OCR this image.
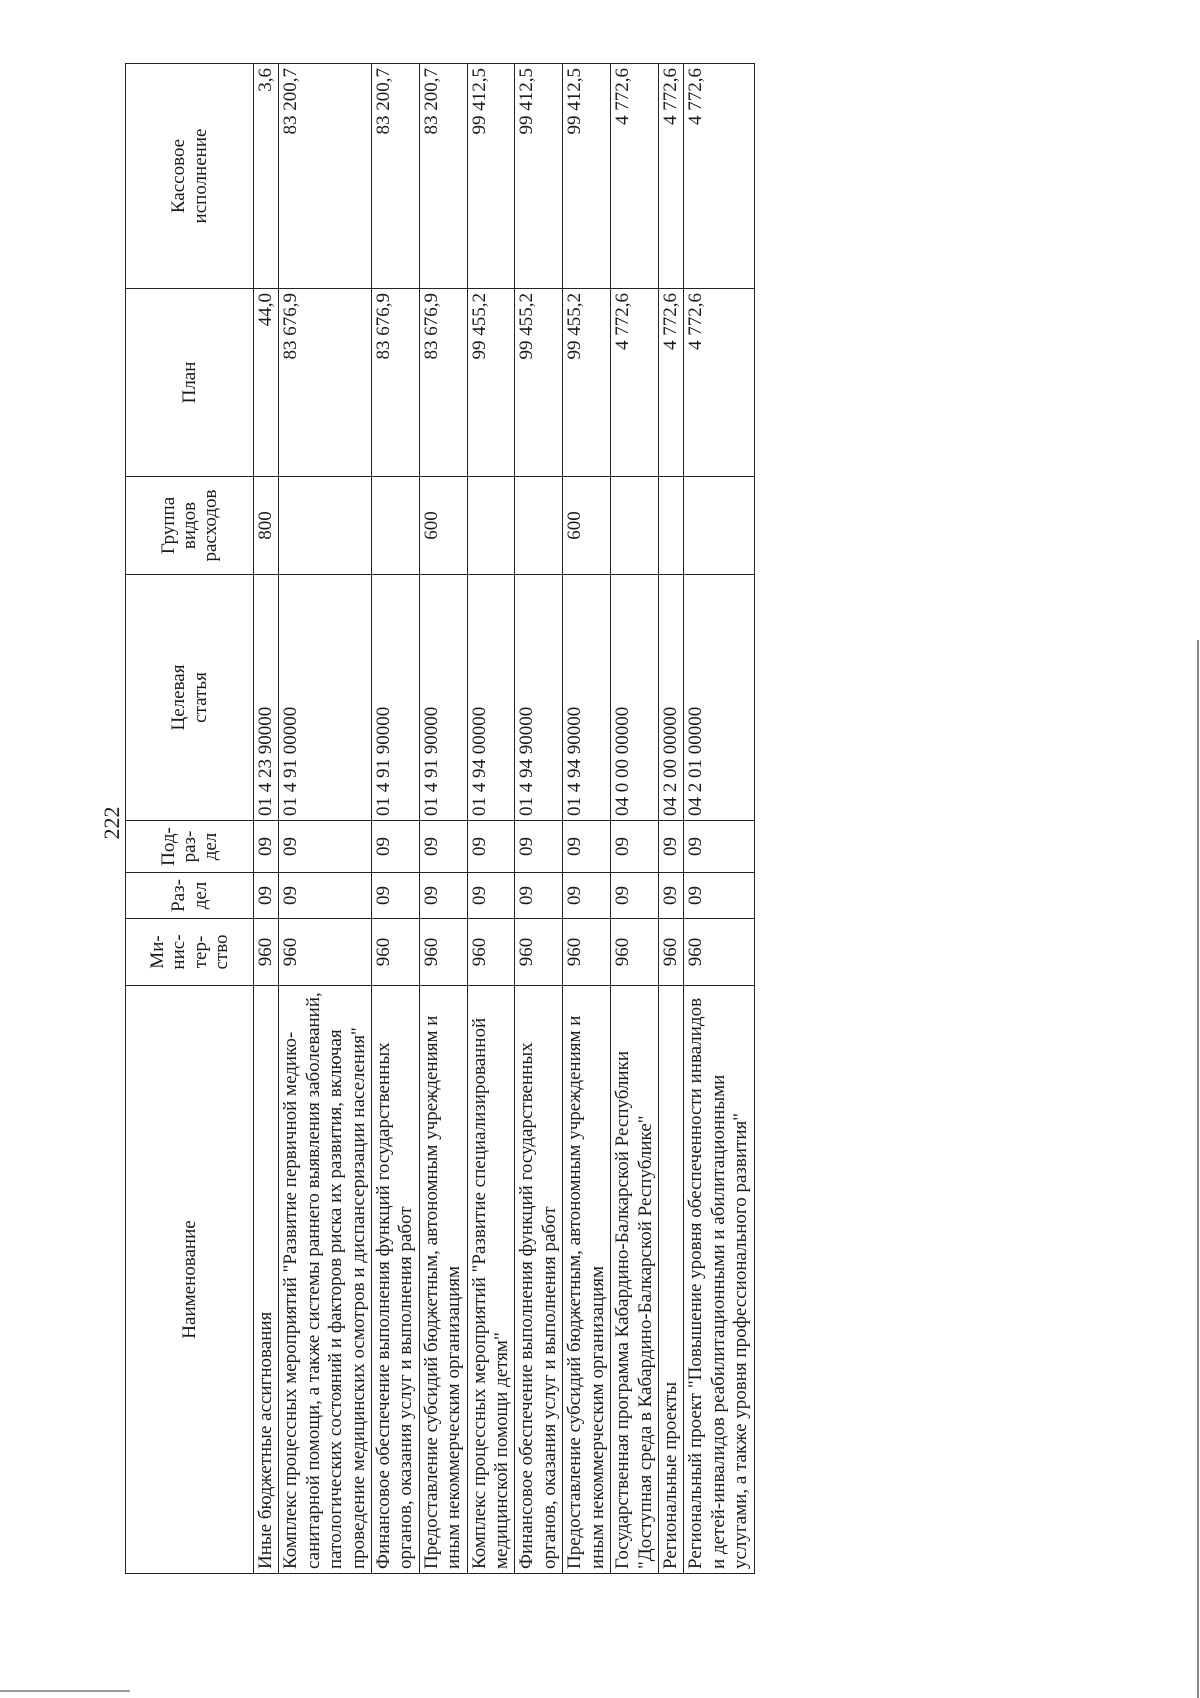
222
Наименование	Ми-
нис-
тер-
ство	Раз-
дел	Под-
раз-
дел	Целевая
статья	Группа
видов
расходов	План	Кассовое
исполнение
Иные бюджетные ассигнования	960	09	09	01 4 23 90000	800	44,0	3,6
Комплекс процессных мероприятий "Развитие первичной медико-санитарной помощи, а также системы раннего выявления заболеваний, патологических состояний и факторов риска их развития, включая проведение медицинских осмотров и диспансеризации населения"	960	09	09	01 4 91 00000		83 676,9	83 200,7
Финансовое обеспечение выполнения функций государственных органов, оказания услуг и выполнения работ	960	09	09	01 4 91 90000		83 676,9	83 200,7
Предоставление субсидий бюджетным, автономным учреждениям и иным некоммерческим организациям	960	09	09	01 4 91 90000	600	83 676,9	83 200,7
Комплекс процессных мероприятий "Развитие специализированной медицинской помощи детям"	960	09	09	01 4 94 00000		99 455,2	99 412,5
Финансовое обеспечение выполнения функций государственных органов, оказания услуг и выполнения работ	960	09	09	01 4 94 90000		99 455,2	99 412,5
Предоставление субсидий бюджетным, автономным учреждениям и иным некоммерческим организациям	960	09	09	01 4 94 90000	600	99 455,2	99 412,5
Государственная программа Кабардино-Балкарской Республики "Доступная среда в Кабардино-Балкарской Республике"	960	09	09	04 0 00 00000		4 772,6	4 772,6
Региональные проекты	960	09	09	04 2 00 00000		4 772,6	4 772,6
Региональный проект "Повышение уровня обеспеченности инвалидов и детей-инвалидов реабилитационными и абилитационными услугами, а также уровня профессионального развития"	960	09	09	04 2 01 00000		4 772,6	4 772,6
